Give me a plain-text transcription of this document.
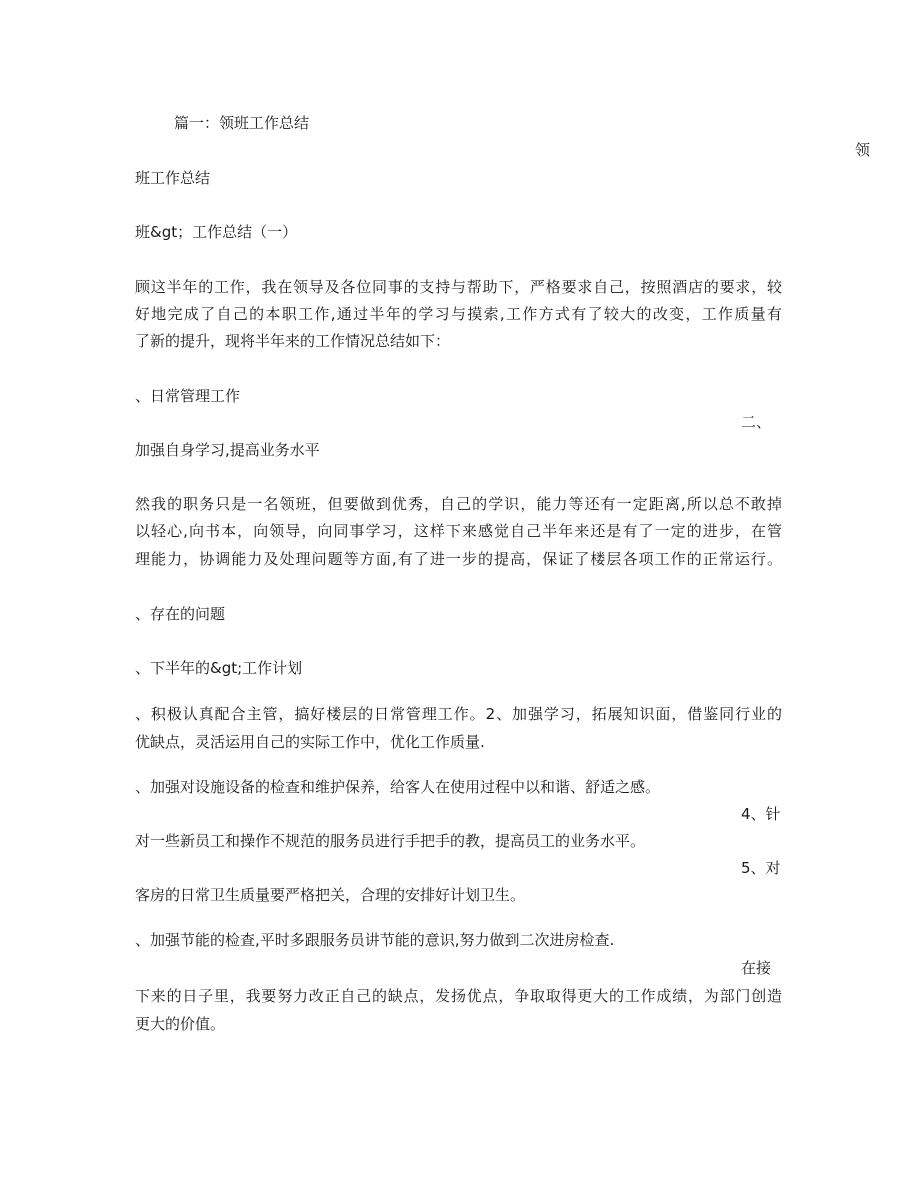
篇一：领班工作总结

领

班工作总结

班&gt；工作总结（一）

顾这半年的工作，我在领导及各位同事的支持与帮助下，严格要求自己，按照酒店的要求，较

好地完成了自己的本职工作,通过半年的学习与摸索,工作方式有了较大的改变，工作质量有

了新的提升，现将半年来的工作情况总结如下：

、日常管理工作

二、

加强自身学习,提高业务水平

然我的职务只是一名领班，但要做到优秀，自己的学识，能力等还有一定距离,所以总不敢掉

以轻心,向书本，向领导，向同事学习，这样下来感觉自己半年来还是有了一定的进步，在管

理能力，协调能力及处理问题等方面,有了进一步的提高，保证了楼层各项工作的正常运行。

、存在的问题

、下半年的&gt;工作计划

、积极认真配合主管，搞好楼层的日常管理工作。2、加强学习，拓展知识面，借鉴同行业的

优缺点，灵活运用自己的实际工作中，优化工作质量.

、加强对设施设备的检查和维护保养，给客人在使用过程中以和谐、舒适之感。

4、针

对一些新员工和操作不规范的服务员进行手把手的教，提高员工的业务水平。

5、对

客房的日常卫生质量要严格把关，合理的安排好计划卫生。

、加强节能的检查,平时多跟服务员讲节能的意识,努力做到二次进房检查.

在接

下来的日子里，我要努力改正自己的缺点，发扬优点，争取取得更大的工作成绩，为部门创造

更大的价值。
